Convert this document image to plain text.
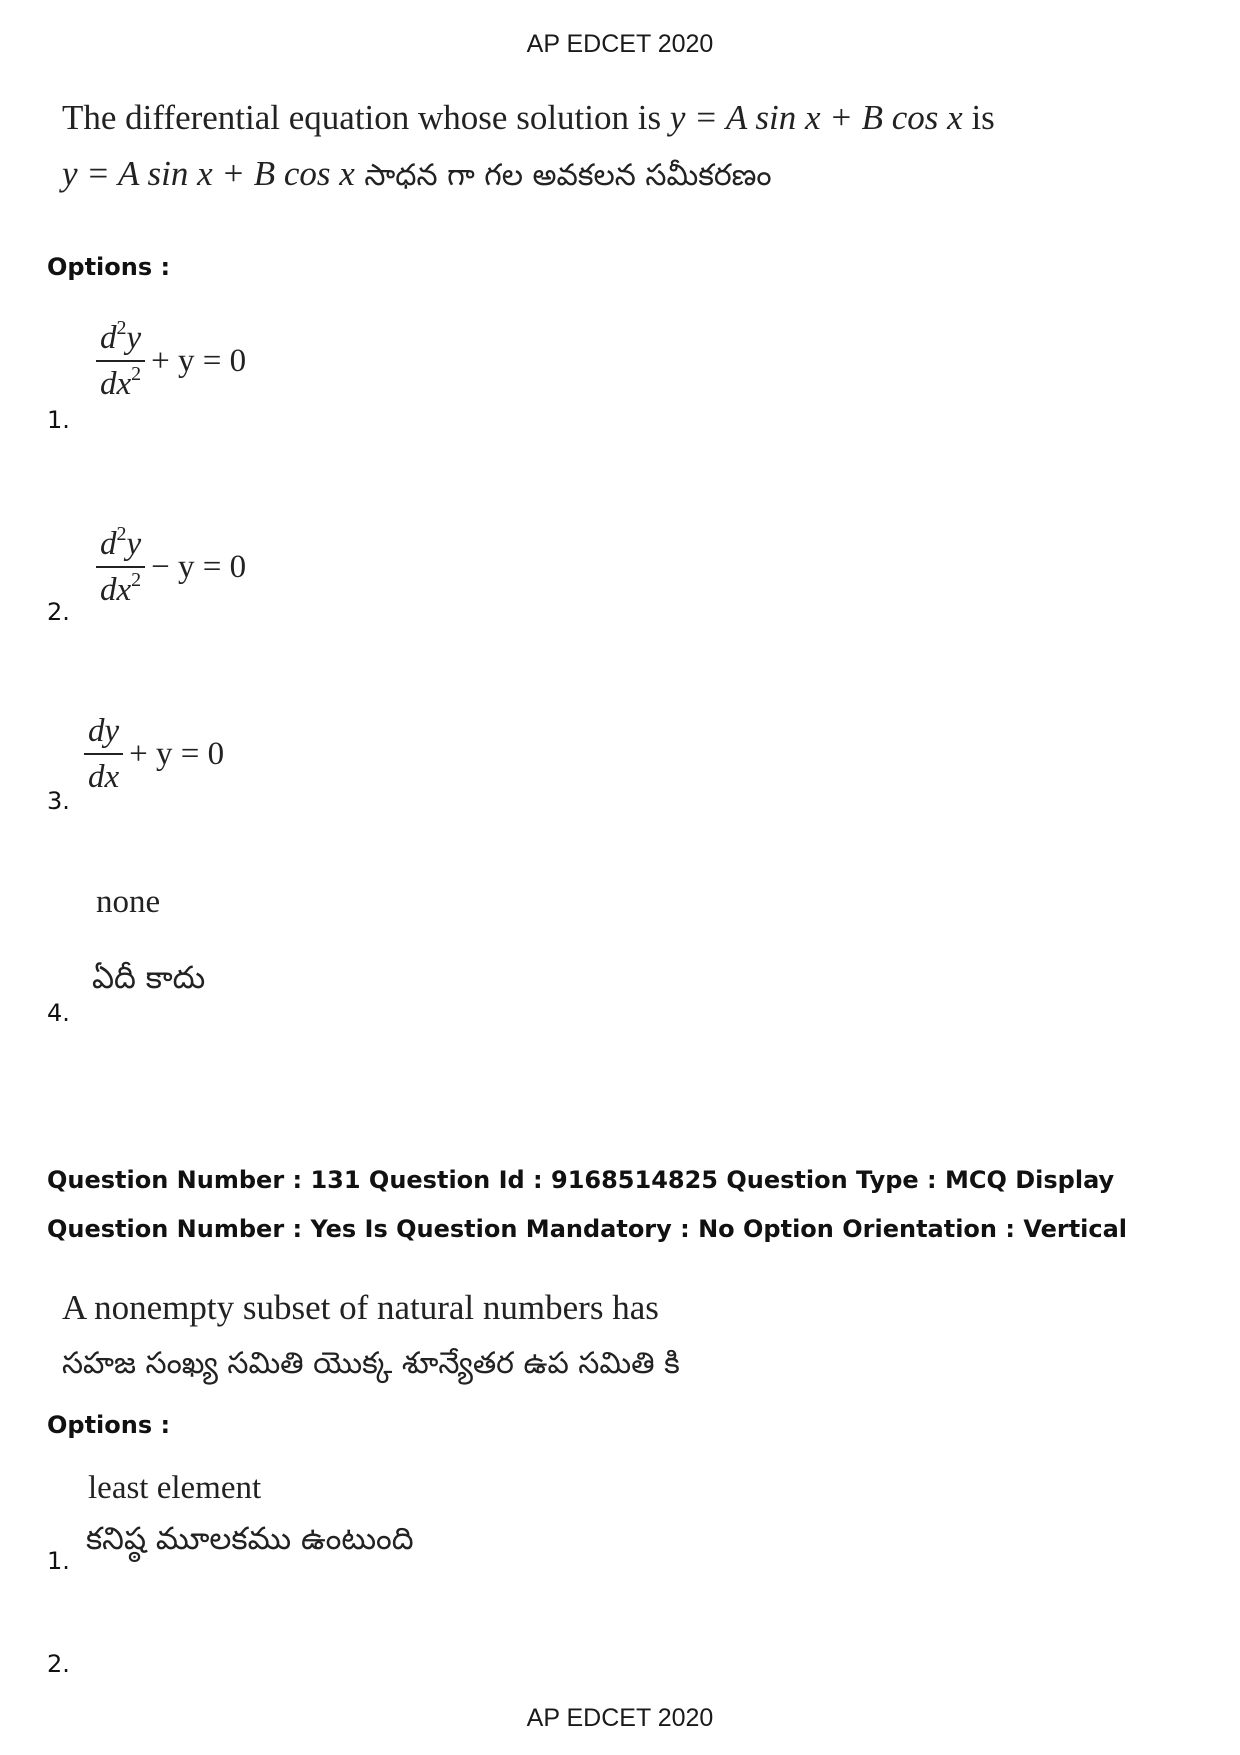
AP EDCET 2020
The differential equation whose solution is y = A sin x + B cos x is
y = A sin x + B cos x సాధన గా గల అవకలన సమీకరణం
Options :
$\frac{d^2y}{dx^2} + y = 0$
1.
$\frac{d^2y}{dx^2} - y = 0$
2.
$\frac{dy}{dx} + y = 0$
3.
none
ఏదీ కాదు
4.
Question Number : 131 Question Id : 9168514825 Question Type : MCQ Display Question Number : Yes Is Question Mandatory : No Option Orientation : Vertical
A nonempty subset of natural numbers has
సహజ సంఖ్య సమితి యొక్క శూన్యేతర ఉప సమితి కి
Options :
least element
కనిష్ఠ మూలకము ఉంటుంది
1.
2.
AP EDCET 2020
